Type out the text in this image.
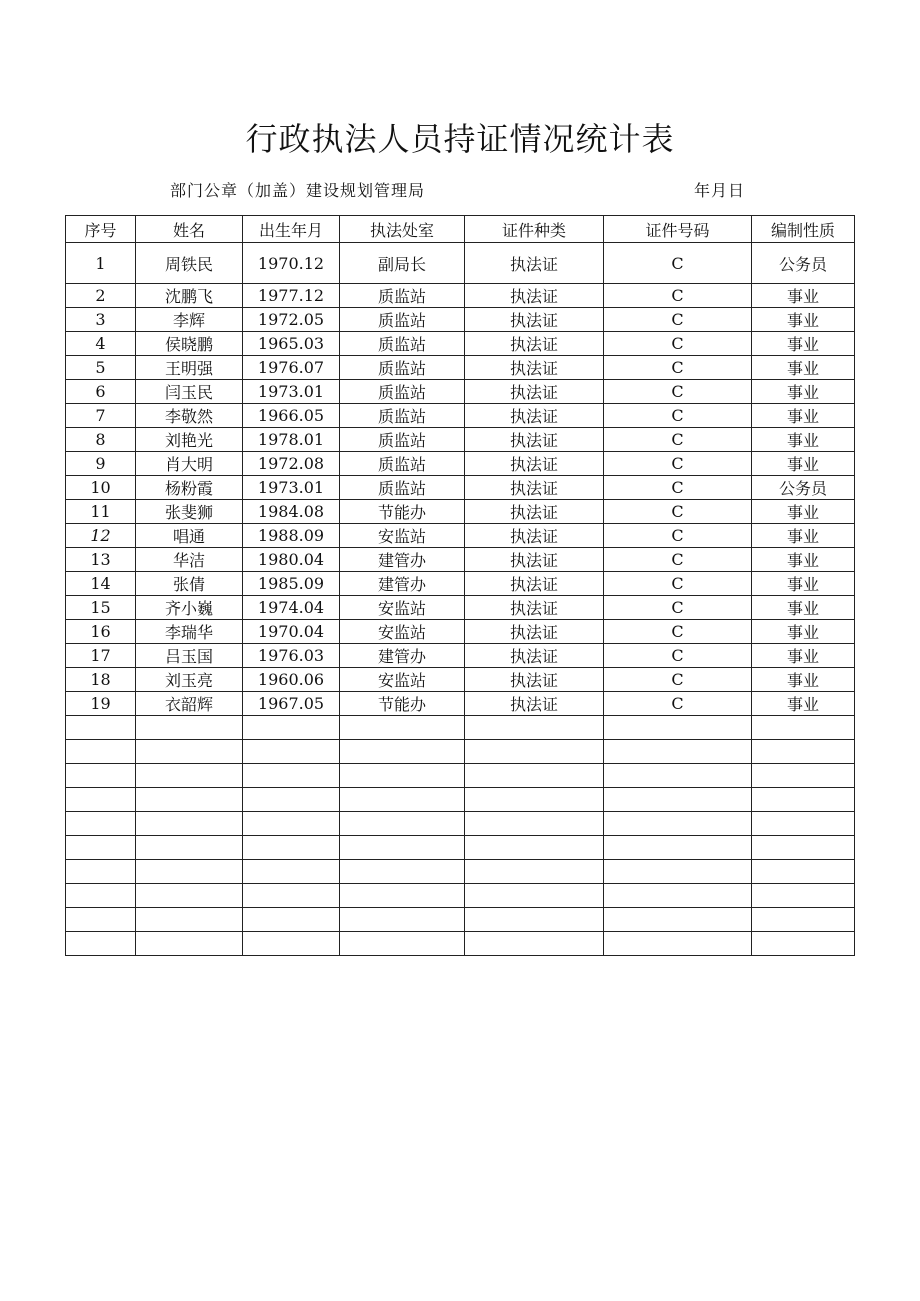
行政执法人员持证情况统计表
部门公章（加盖）建设规划管理局	年月日
序号	姓名	出生年月	执法处室	证件种类	证件号码	编制性质
1	周铁民	1970.12	副局长	执法证	C	公务员
2	沈鹏飞	1977.12	质监站	执法证	C	事业
3	李辉	1972.05	质监站	执法证	C	事业
4	侯晓鹏	1965.03	质监站	执法证	C	事业
5	王明强	1976.07	质监站	执法证	C	事业
6	闫玉民	1973.01	质监站	执法证	C	事业
7	李敬然	1966.05	质监站	执法证	C	事业
8	刘艳光	1978.01	质监站	执法证	C	事业
9	肖大明	1972.08	质监站	执法证	C	事业
10	杨粉霞	1973.01	质监站	执法证	C	公务员
11	张斐狮	1984.08	节能办	执法证	C	事业
12	唱通	1988.09	安监站	执法证	C	事业
13	华洁	1980.04	建管办	执法证	C	事业
14	张倩	1985.09	建管办	执法证	C	事业
15	齐小巍	1974.04	安监站	执法证	C	事业
16	李瑞华	1970.04	安监站	执法证	C	事业
17	吕玉国	1976.03	建管办	执法证	C	事业
18	刘玉亮	1960.06	安监站	执法证	C	事业
19	衣韶辉	1967.05	节能办	执法证	C	事业
